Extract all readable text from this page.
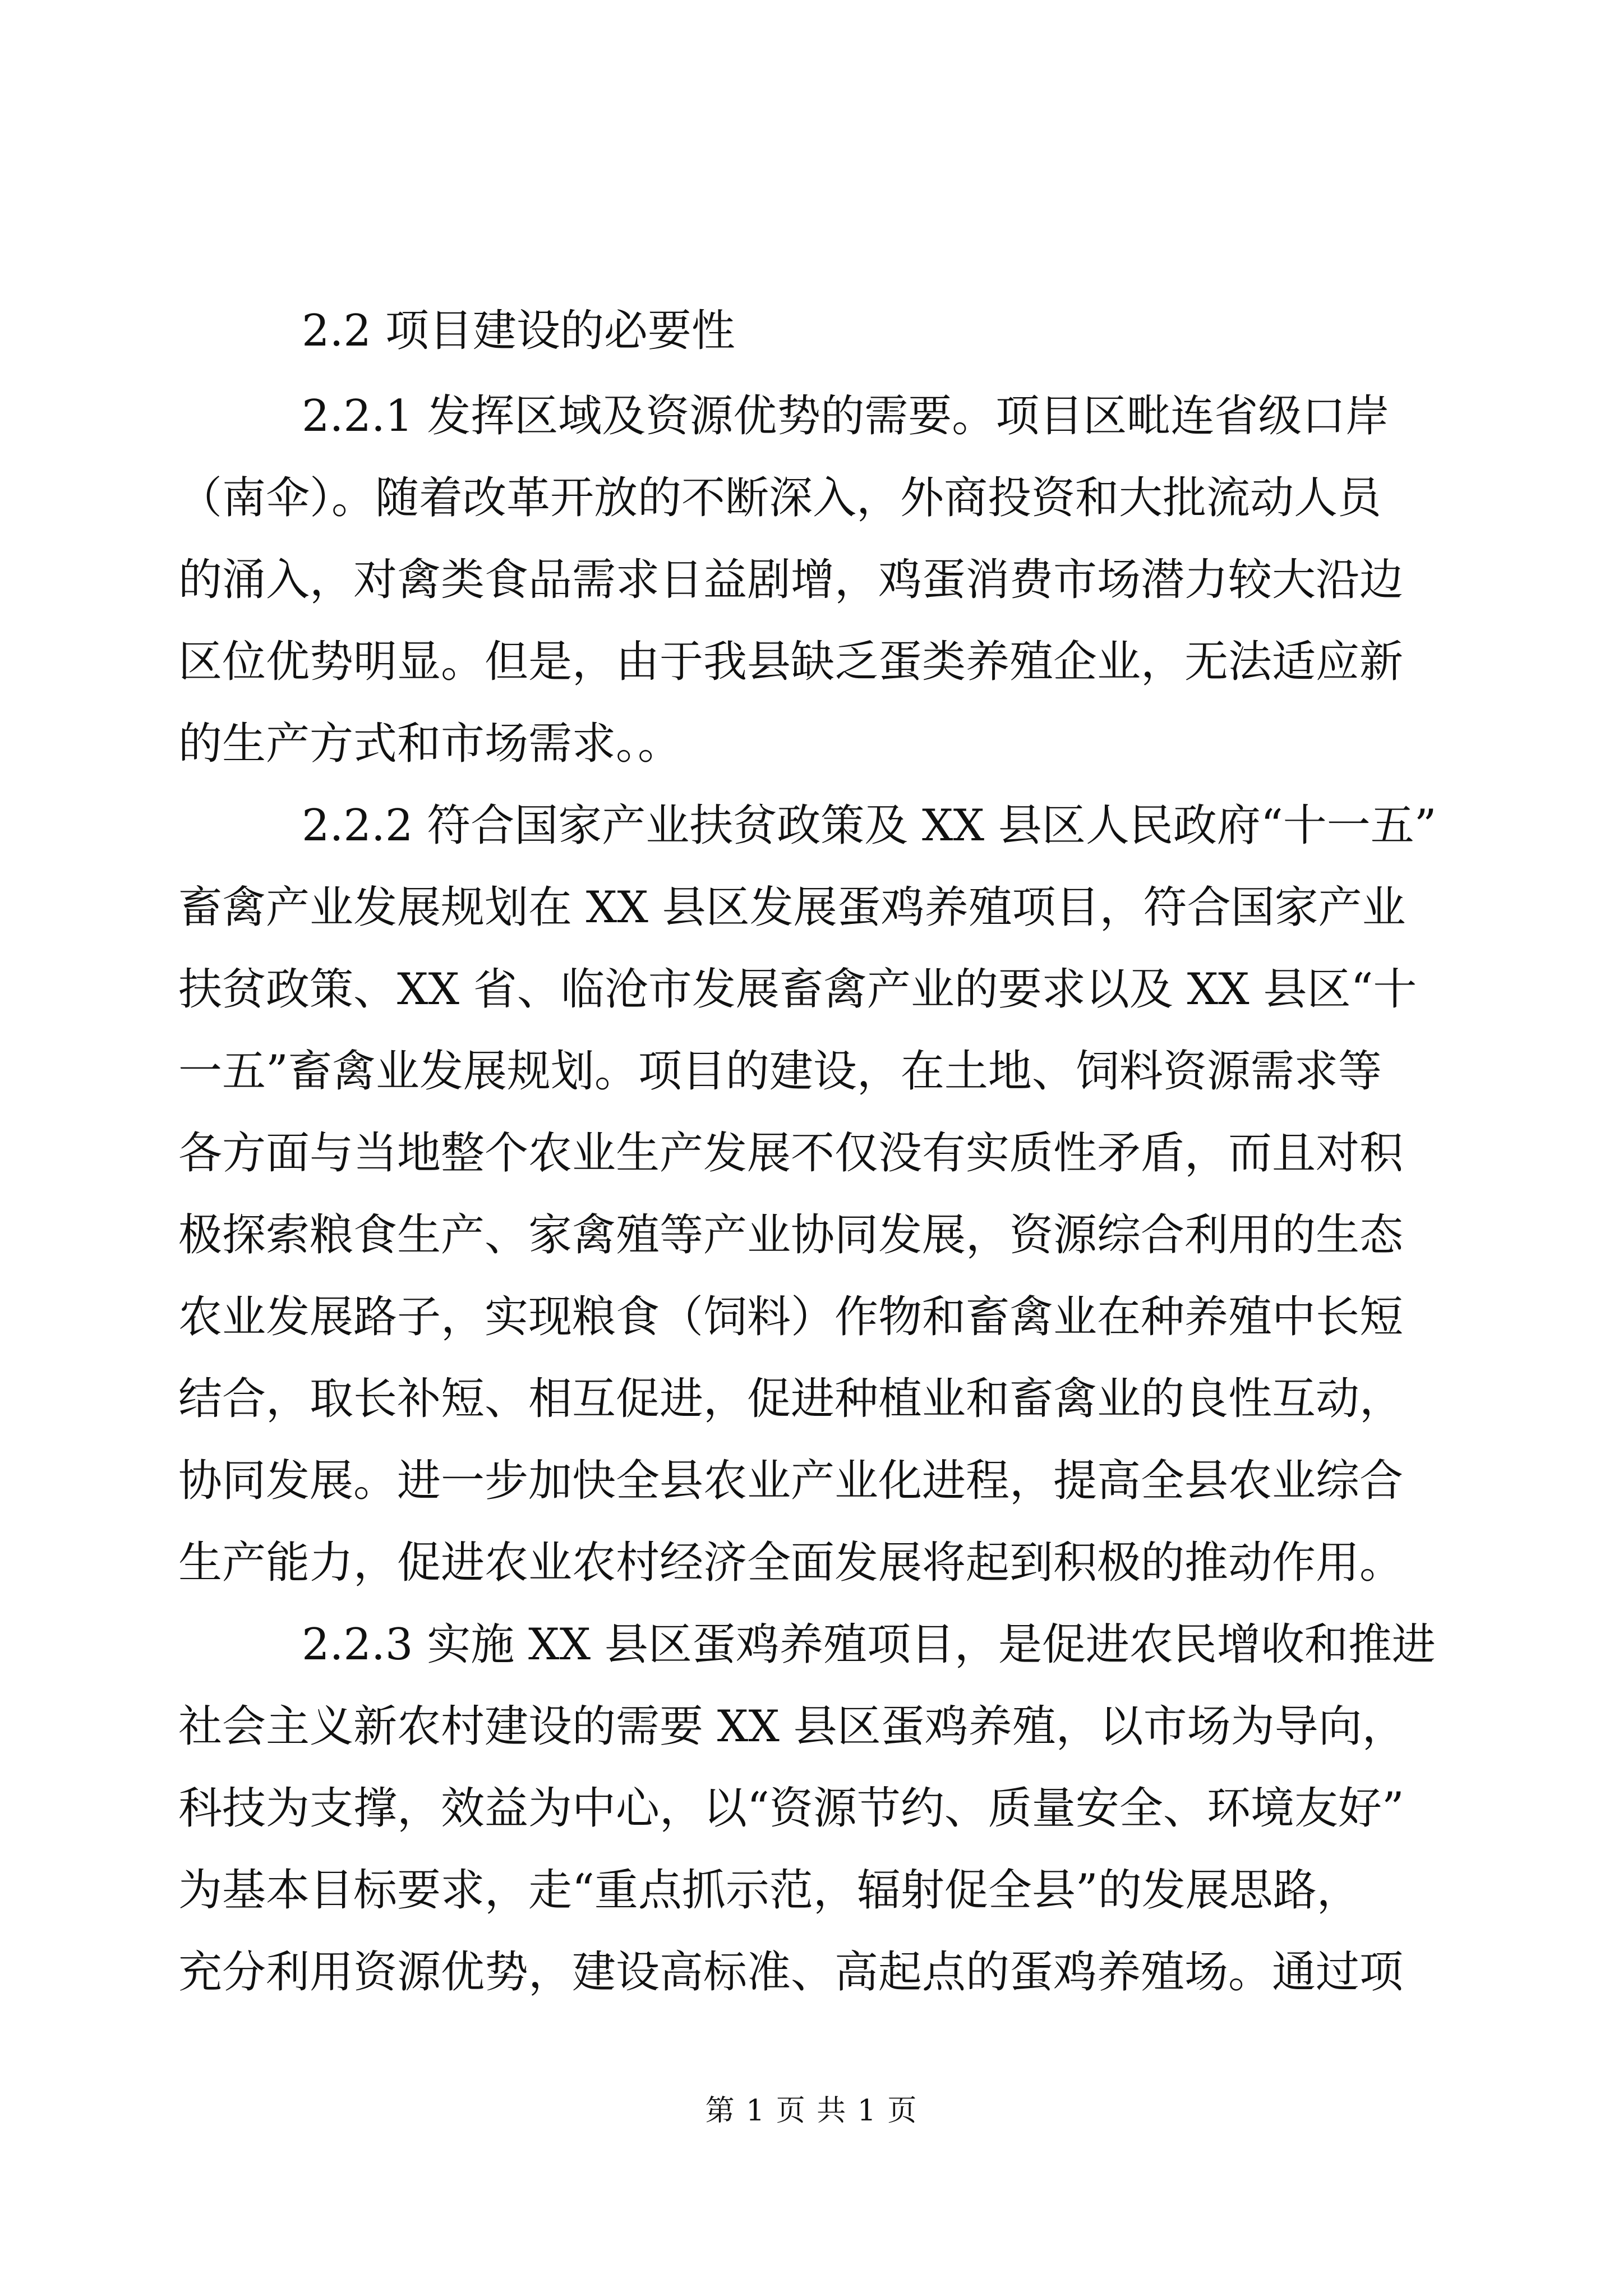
2.2 项目建设的必要性

2.2.1 发挥区域及资源优势的需要。项目区毗连省级口岸

（南伞）。随着改革开放的不断深入，外商投资和大批流动人员

的涌入，对禽类食品需求日益剧增，鸡蛋消费市场潜力较大沿边

区位优势明显。但是，由于我县缺乏蛋类养殖企业，无法适应新

的生产方式和市场需求。。

2.2.2 符合国家产业扶贫政策及 XX 县区人民政府“十一五”

畜禽产业发展规划在 XX 县区发展蛋鸡养殖项目，符合国家产业

扶贫政策、XX 省、临沧市发展畜禽产业的要求以及 XX 县区“十

一五”畜禽业发展规划。项目的建设，在土地、饲料资源需求等

各方面与当地整个农业生产发展不仅没有实质性矛盾，而且对积

极探索粮食生产、家禽殖等产业协同发展，资源综合利用的生态

农业发展路子，实现粮食（饲料）作物和畜禽业在种养殖中长短

结合，取长补短、相互促进，促进种植业和畜禽业的良性互动，

协同发展。进一步加快全县农业产业化进程，提高全县农业综合

生产能力，促进农业农村经济全面发展将起到积极的推动作用。

2.2.3 实施 XX 县区蛋鸡养殖项目，是促进农民增收和推进

社会主义新农村建设的需要 XX 县区蛋鸡养殖，以市场为导向，

科技为支撑，效益为中心，以“资源节约、质量安全、环境友好”

为基本目标要求，走“重点抓示范，辐射促全县”的发展思路，

充分利用资源优势，建设高标准、高起点的蛋鸡养殖场。通过项

第 1 页 共 1 页
